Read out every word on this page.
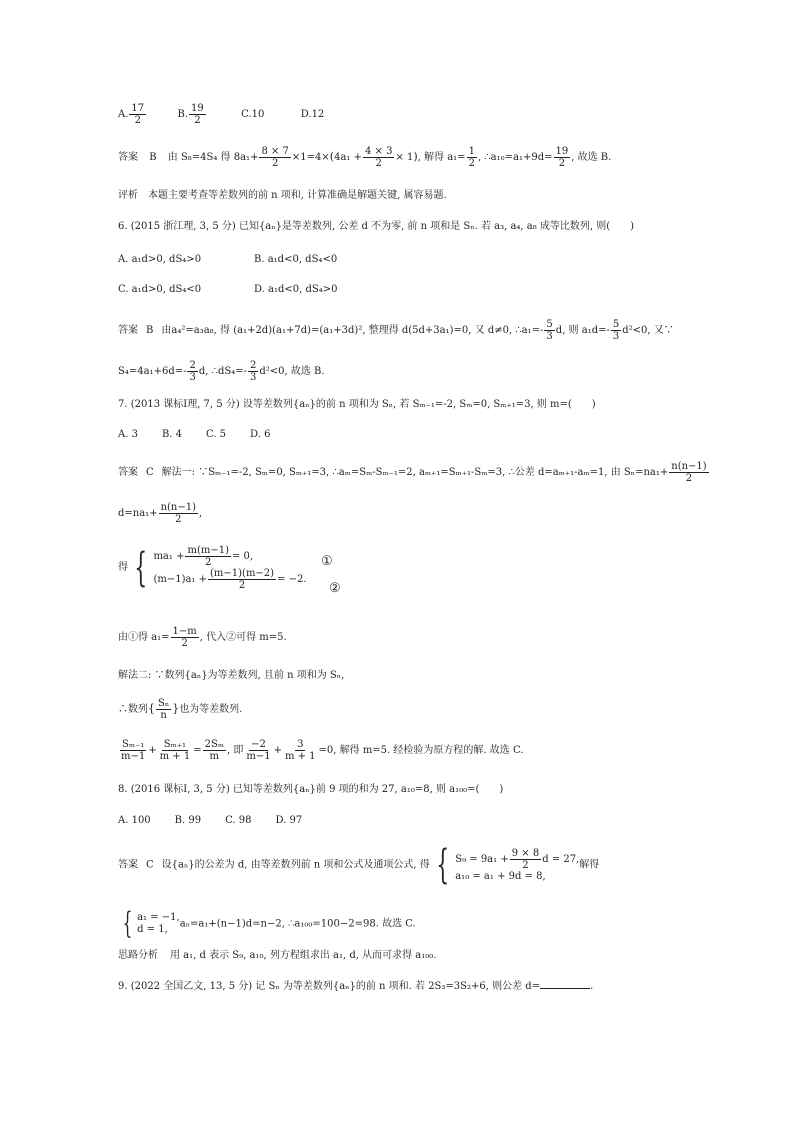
A. $\frac{17}{2}$	B. $\frac{19}{2}$	C.10	D.12
答案 B 由 S₈=4S₄ 得 $8a_1+ \frac{8 \times 7}{2} \times 1=4\times(4a_1 + \frac{4 \times 3}{2} \times 1)$, 解得 $a_1= \frac{1}{2}$ , ∴a₁₀=a₁+9d= $\frac{19}{2}$ , 故选 B.
评析 本题主要考查等差数列的前 n 项和, 计算准确是解题关键, 属容易题.
6. (2015 浙江理, 3, 5 分) 已知{aₙ}是等差数列, 公差 d 不为零, 前 n 项和是 Sₙ. 若 a₃, a₄, a₈ 成等比数列, 则(　　)
A. a₁d>0, dS₄>0	B. a₁d<0, dS₄<0
C. a₁d>0, dS₄<0	D. a₁d<0, dS₄>0
答案 B 由a₄²=a₃a₈, 得 (a₁+2d)(a₁+7d)=(a₁+3d)², 整理得 d(5d+3a₁)=0, 又 d≠0, ∴a₁=- $\frac{5}{3} d$, 则 $a_1d=- \frac{5}{3} d^2<0$, 又∵
$S_4=4a_1+6d=- \frac{2}{3} d$, ∴dS₄=- $\frac{2}{3} d^2<0$, 故选 B.
7. (2013 课标Ⅰ理, 7, 5 分) 设等差数列{aₙ}的前 n 项和为 Sₙ, 若 Sₘ₋₁=-2, Sₘ=0, Sₘ₊₁=3, 则 m=(　　)
A. 3 B. 4 C. 5 D. 6
答案 C 解法一: ∵Sₘ₋₁=-2, Sₘ=0, Sₘ₊₁=3, ∴aₘ=Sₘ-Sₘ₋₁=2, aₘ₊₁=Sₘ₊₁-Sₘ=3, ∴公差 d=aₘ₊₁-aₘ=1, 由 $S_n=na_1+ \frac{n(n-1)}{2}$
$d=na_1+ \frac{n(n-1)}{2}$ ,
得 { $ma_1 + \frac{m(m-1)}{2} = 0$,
$(m-1)a_1 + \frac{(m-1)(m-2)}{2} = -2$.
①
②
由①得 $a_1= \frac{1-m}{2}$ , 代入②可得 m=5.
解法二: ∵数列{aₙ}为等差数列, 且前 n 项和为 Sₙ,
∴数列{ $\frac{\text{Sₙ}}{n}$ }也为等差数列.
$\frac{\text{Sₘ₋₁}}{m-1} + \frac{\text{Sₘ₊₁}}{m + 1} = \frac{\text{2Sₘ}}{m}$ , 即 $\frac{-2}{m-1} + \frac{3}{m + 1} =0$, 解得 m=5. 经检验为原方程的解. 故选 C.
8. (2016 课标Ⅰ, 3, 5 分) 已知等差数列{aₙ}前 9 项的和为 27, a₁₀=8, 则 a₁₀₀=(　　)
A. 100 B. 99 C. 98 D. 97
答案 C 设{aₙ}的公差为 d, 由等差数列前 n 项和公式及通项公式, 得 { $S_9 = 9a_1 + \frac{9 \times 8}{2}$ d = 27,
a₁₀ = a₁ + 9d = 8,
解得
{ a₁ = −1,
d = 1,	aₙ=a₁+(n−1)d=n−2, ∴a₁₀₀=100−2=98. 故选 C.
思路分析 用 a₁, d 表示 S₉, a₁₀, 列方程组求出 a₁, d, 从而可求得 a₁₀₀.
9. (2022 全国乙文, 13, 5 分) 记 Sₙ 为等差数列{aₙ}的前 n 项和. 若 2S₃=3S₂+6, 则公差 d=	.
